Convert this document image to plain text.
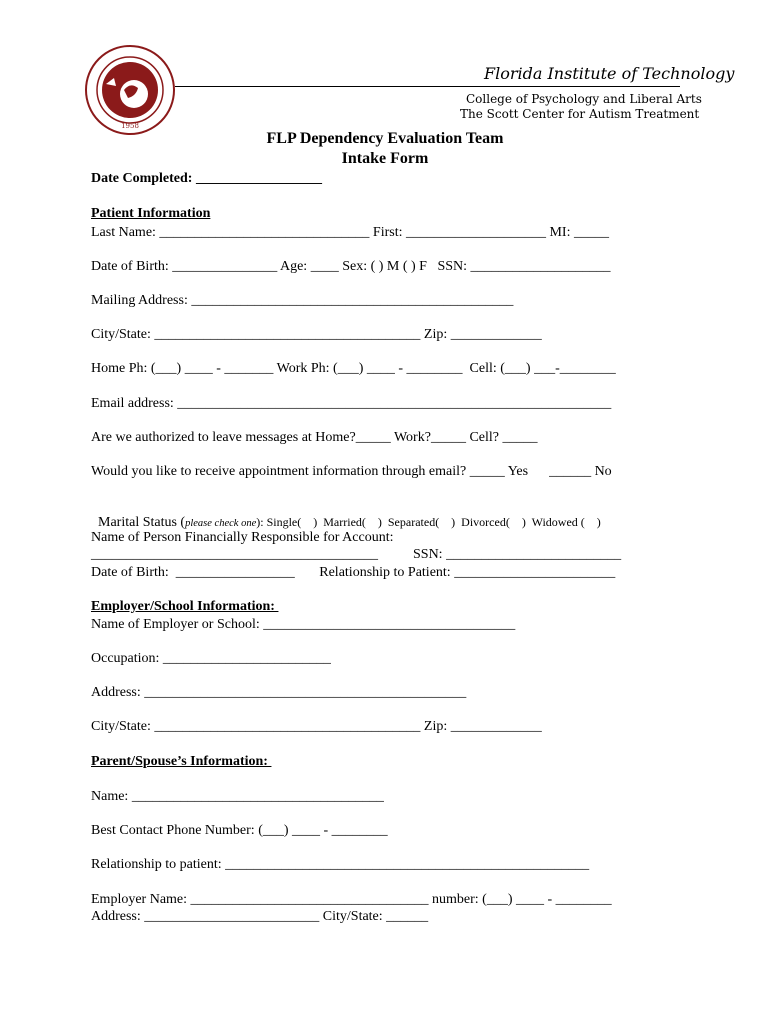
1958
Florida Institute of Technology
College of Psychology and Liberal Arts
The Scott Center for Autism Treatment
FLP Dependency Evaluation Team
Intake Form
Date Completed: __________________
Patient Information
Last Name: ______________________________ First: ____________________ MI: _____
Date of Birth: _______________ Age: ____ Sex: ( ) M ( ) F   SSN: ____________________
Mailing Address: ______________________________________________
City/State: ______________________________________ Zip: _____________
Home Ph: (___) ____ - _______ Work Ph: (___) ____ - ________  Cell: (___) ___-________
Email address: ______________________________________________________________
Are we authorized to leave messages at Home?_____ Work?_____ Cell? _____
Would you like to receive appointment information through email? _____ Yes      ______ No

Marital Status (please check one): Single(    )  Married(    )  Separated(    )  Divorced(    )  Widowed (    )

Name of Person Financially Responsible for Account:
_________________________________________          SSN: _________________________
Date of Birth:  _________________       Relationship to Patient: _______________________
Employer/School Information:
Name of Employer or School: ____________________________________
Occupation: ________________________
Address: ______________________________________________
City/State: ______________________________________ Zip: _____________
Parent/Spouse’s Information:
Name: ____________________________________
Best Contact Phone Number: (___) ____ - ________
Relationship to patient: ____________________________________________________
Employer Name: __________________________________ number: (___) ____ - ________
Address: _________________________ City/State: ______
